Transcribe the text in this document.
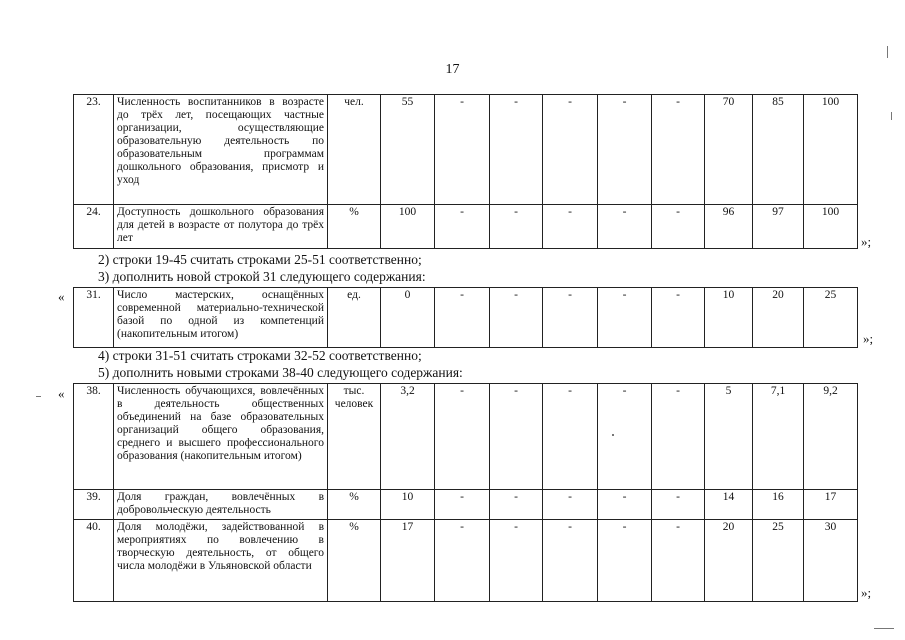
17
23.	Численность воспитанников в возрасте до трёх лет, посещающих частные организации, осуществляющие образовательную деятельность по образовательным программам дошкольного образования, присмотр и уход	чел.	55	-	-	-	-	-	70	85	100
24.	Доступность дошкольного образования для детей в возрасте от полутора до трёх лет	%	100	-	-	-	-	-	96	97	100
»;
2) строки 19-45 считать строками 25-51 соответственно;
3) дополнить новой строкой 31 следующего содержания:
« 31.	Число мастерских, оснащённых современной материально-технической базой по одной из компетенций (накопительным итогом)	ед.	0	-	-	-	-	-	10	20	25
»;
4) строки 31-51 считать строками 32-52 соответственно;
5) дополнить новыми строками 38-40 следующего содержания:
« 38.	Численность обучающихся, вовлечённых в деятельность общественных объединений на базе образовательных организаций общего образования, среднего и высшего профессионального образования (накопительным итогом)	тыс. человек	3,2	-	-	-	-	-	5	7,1	9,2
39.	Доля граждан, вовлечённых в добровольческую деятельность	%	10	-	-	-	-	-	14	16	17
40.	Доля молодёжи, задействованной в мероприятиях по вовлечению в творческую деятельность, от общего числа молодёжи в Ульяновской области	%	17	-	-	-	-	-	20	25	30
»;
